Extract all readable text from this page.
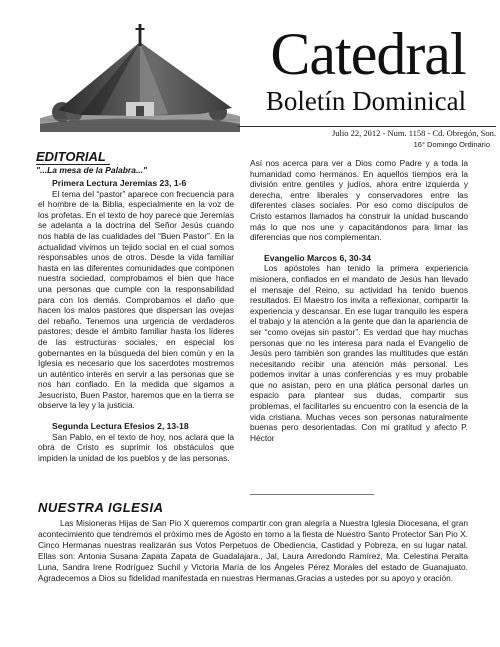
Catedral
Boletín Dominical
Julio 22, 2012 - Num. 1158 - Cd. Obregón, Son.
16° Domingo Ordinario
EDITORIAL
"...La mesa de la Palabra..."

Primera Lectura Jeremías 23, 1-6

El tema del “pastor” aparece con frecuencia para el hombre de la Biblia, especialmente en la voz de los profetas. En el texto de hoy parece que Jeremías se adelanta a la doctrina del Señor Jesús cuando nos habla de las cualidades del “Buen Pastor”. En la actualidad vivimos un tejido social en el cual somos responsables unos de otros. Desde la vida familiar hasta en las diferentes comunidades que componen nuestra sociedad, comprobamos el bien que hace una personas que cumple con la responsabilidad para con los demás. Comprobamos el daño que hacen los malos pastores que dispersan las ovejas del rebaño. Tenemos una urgencia de verdaderos pastores; desde el ámbito familiar hasta los líderes de las estructuras sociales, en especial los gobernantes en la búsqueda del bien común y en la Iglesia es necesario que los sacerdotes mostremos un auténtico interés en servir a las personas que se nos han confiado. En la medida que sigamos a Jesucristo, Buen Pastor, haremos que en la tierra se observe la ley y la justicia.

Segunda Lectura Efesios 2, 13-18

San Pablo, en el texto de hoy, nos aclara que la obra de Cristo es suprimir los obstáculos que impiden la unidad de los pueblos y de las personas.

Así nos acerca para ver a Dios como Padre y a toda la humanidad como hermanos. En aquellos tiempos era la división entre gentiles y judíos, ahora entre izquierda y derecha, entre liberales y conservadores entre las diferentes clases sociales. Por eso como discípulos de Cristo estamos llamados ha construir la unidad buscando más lo que nos une y capacitándonos para limar las diferencias que nos complementan.

Evangelio Marcos 6, 30-34

Los apóstoles han tenido la primera experiencia misionera, confiados en el mandato de Jesús han llevado el mensaje del Reino, su actividad ha tenido buenos resultados. El Maestro los invita a reflexionar, compartir la experiencia y descansar. En ese lugar tranquilo les espera el trabajo y la atención a la gente que dan la apariencia de ser “como ovejas sin pastor”. Es verdad que hay muchas personas que no les interesa para nada el Evangelio de Jesús pero también son grandes las multitudes que están necesitando recibir una atención más personal. Les podemos invitar a unas conferencias y es muy probable que no asistan, pero en una plática personal darles un espacio para plantear sus dudas, compartir sus problemas, el facilitarles su encuentro con la esencia de la vida cristiana. Muchas veces son personas naturalmente buenas pero desorientadas. Con mi gratitud y afecto P. Héctor

NUESTRA IGLESIA

Las Misioneras Hijas de San Pio X queremos compartir con gran alegría a Nuestra Iglesia Diocesana, el gran acontecimiento que tendremos el próximo mes de Agosto en torno a la fiesta de Nuestro Santo Protector San Pio X. Cinco Hermanas nuestras realizarán sus Votos Perpetuos de Obediencia, Castidad y Pobreza, en su lugar natal. Ellas son: Antonia Susana Zapata Zapata de Guadalajara., Jal, Laura Arredondo Ramírez, Ma. Celestina Peralta Luna, Sandra Irene Rodríguez Suchil y Victoria María de los Ángeles Pérez Morales del estado de Guanajuato. Agradecemos a Dios su fidelidad manifestada en nuestras Hermanas.Gracias a ustedes por su apoyo y oración.
